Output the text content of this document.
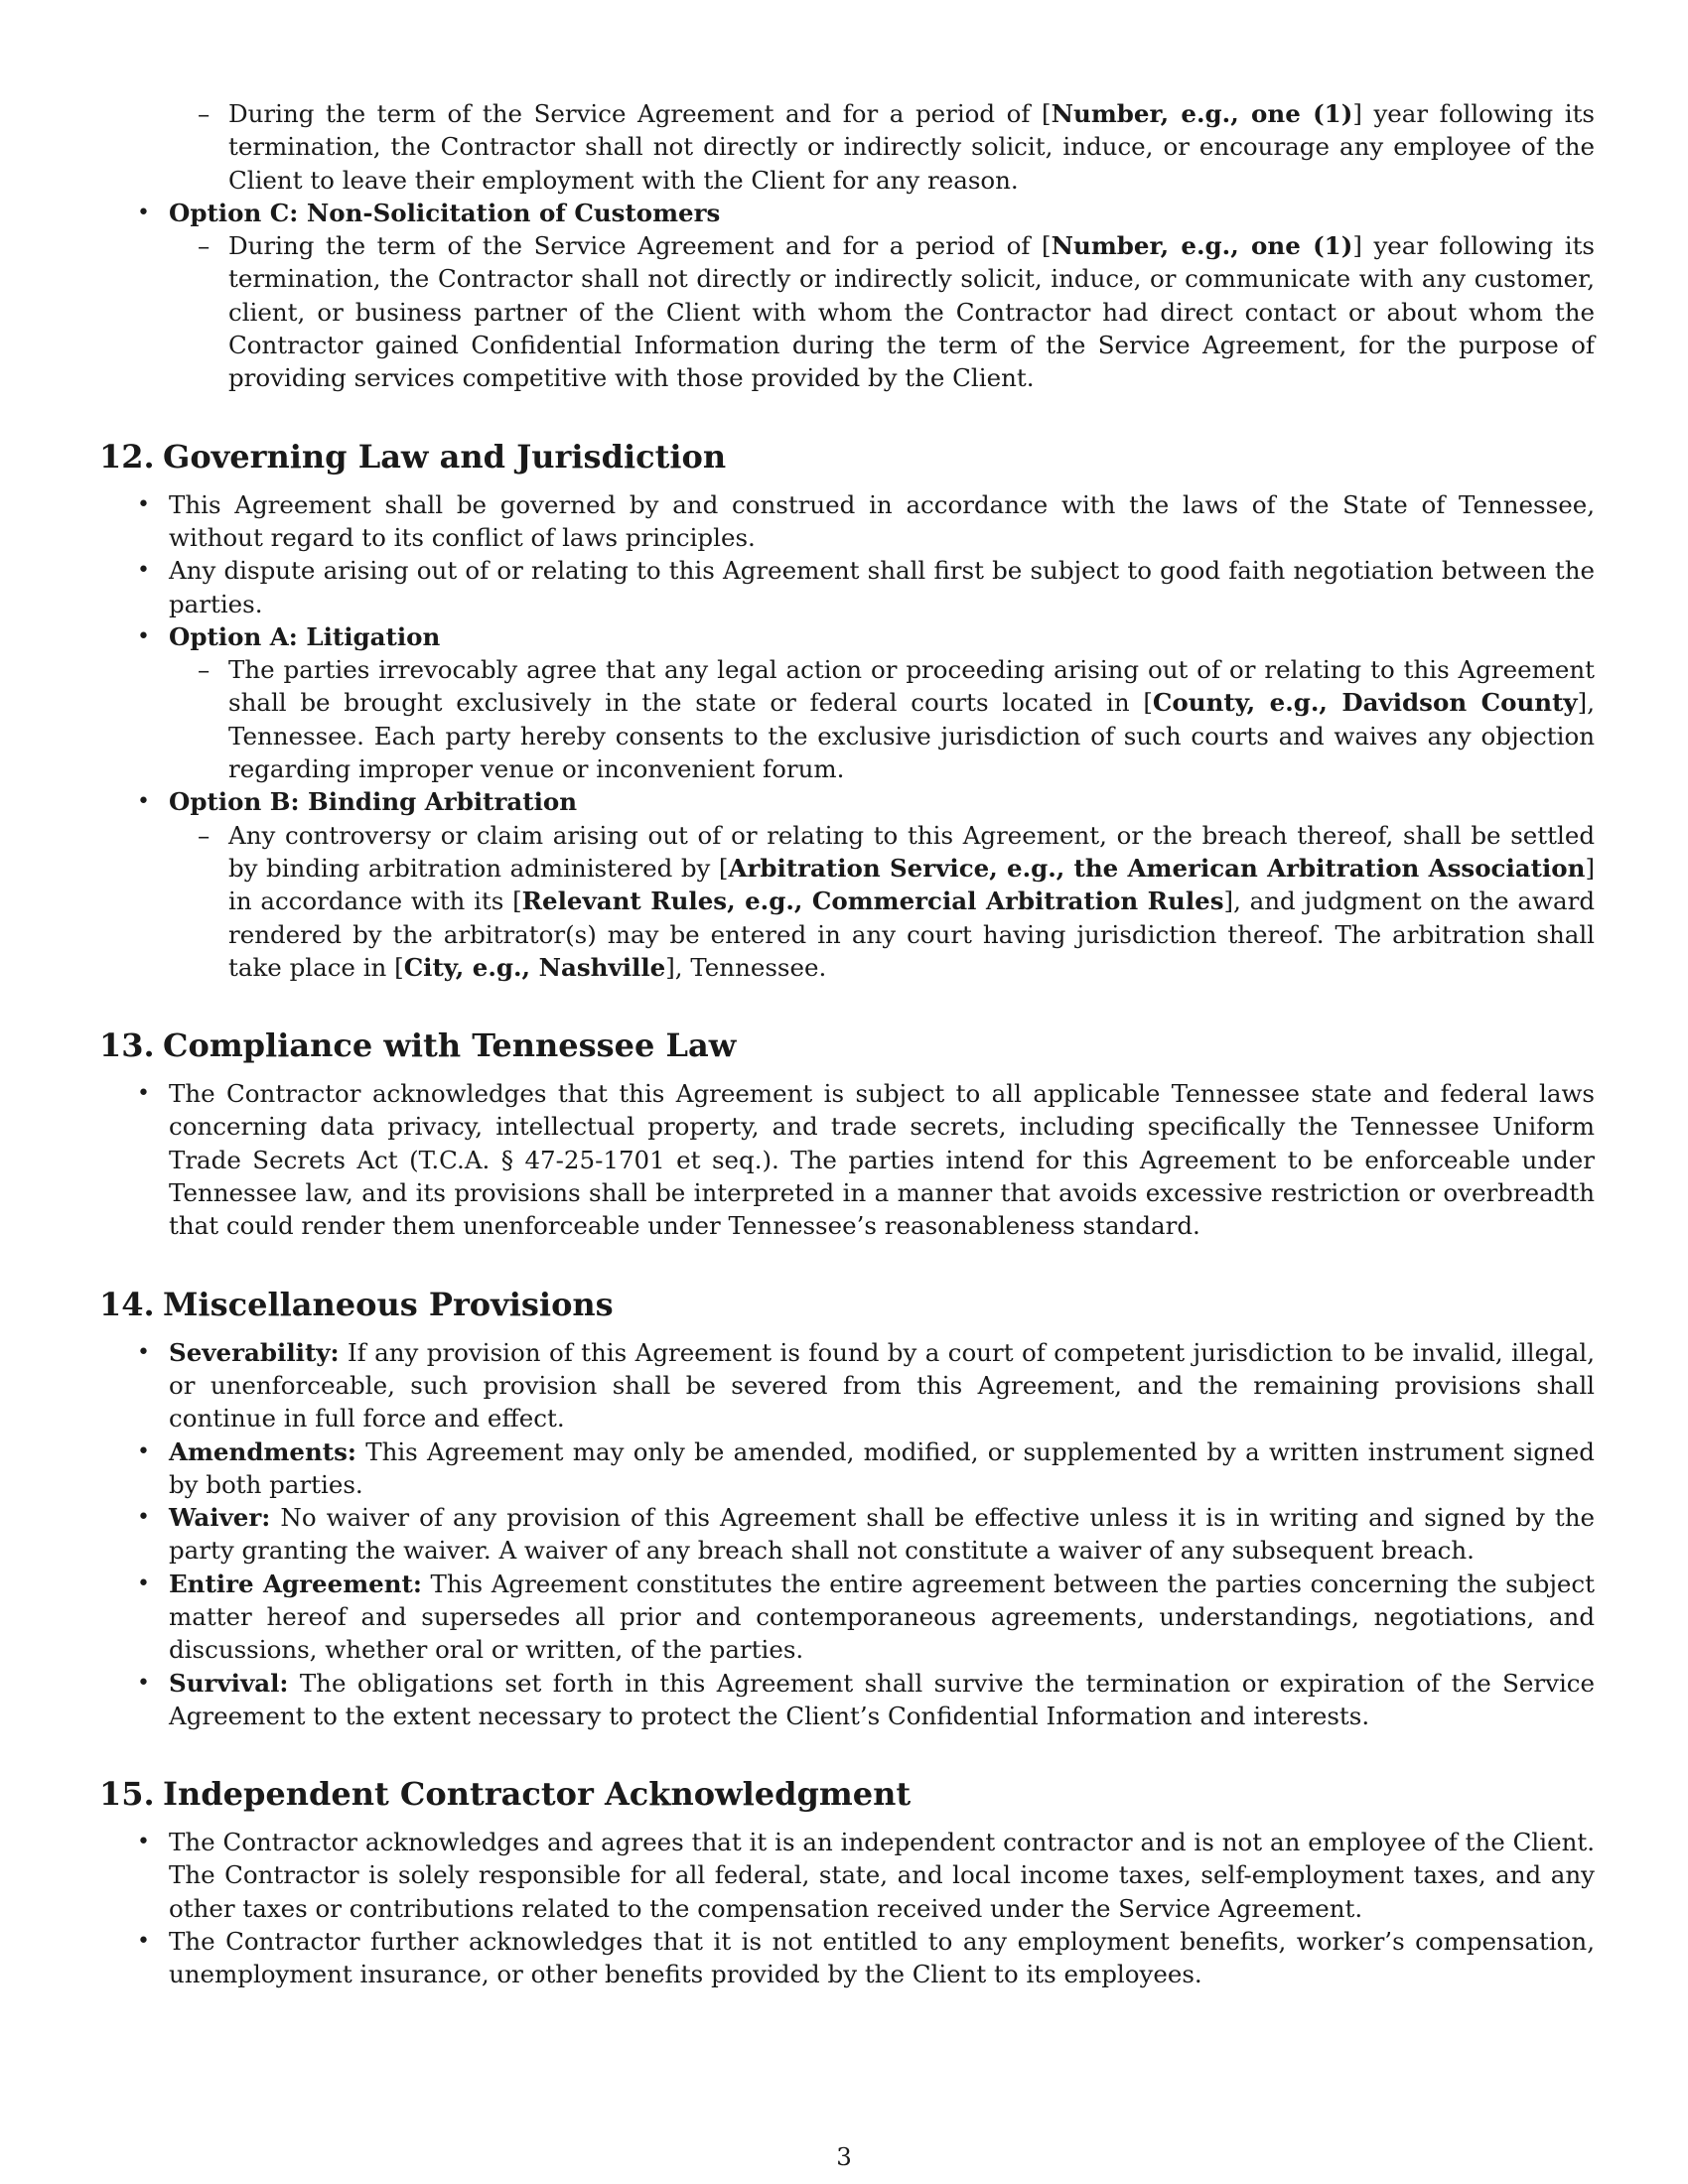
– During the term of the Service Agreement and for a period of [Number, e.g., one (1)] year following its termination, the Contractor shall not directly or indirectly solicit, induce, or encourage any employee of the Client to leave their employment with the Client for any reason.

• Option C: Non-Solicitation of Customers

– During the term of the Service Agreement and for a period of [Number, e.g., one (1)] year following its termination, the Contractor shall not directly or indirectly solicit, induce, or communicate with any customer, client, or business partner of the Client with whom the Contractor had direct contact or about whom the Contractor gained Confidential Information during the term of the Service Agreement, for the purpose of providing services competitive with those provided by the Client.

12. Governing Law and Jurisdiction

• This Agreement shall be governed by and construed in accordance with the laws of the State of Tennessee, without regard to its conflict of laws principles.

• Any dispute arising out of or relating to this Agreement shall first be subject to good faith negotiation between the parties.

• Option A: Litigation

– The parties irrevocably agree that any legal action or proceeding arising out of or relating to this Agreement shall be brought exclusively in the state or federal courts located in [County, e.g., Davidson County], Tennessee. Each party hereby consents to the exclusive jurisdiction of such courts and waives any objection regarding improper venue or inconvenient forum.

• Option B: Binding Arbitration

– Any controversy or claim arising out of or relating to this Agreement, or the breach thereof, shall be settled by binding arbitration administered by [Arbitration Service, e.g., the American Arbitration Association] in accordance with its [Relevant Rules, e.g., Commercial Arbitration Rules], and judgment on the award rendered by the arbitrator(s) may be entered in any court having jurisdiction thereof. The arbitration shall take place in [City, e.g., Nashville], Tennessee.

13. Compliance with Tennessee Law

• The Contractor acknowledges that this Agreement is subject to all applicable Tennessee state and federal laws concerning data privacy, intellectual property, and trade secrets, including specifically the Tennessee Uniform Trade Secrets Act (T.C.A. § 47-25-1701 et seq.). The parties intend for this Agreement to be enforceable under Tennessee law, and its provisions shall be interpreted in a manner that avoids excessive restriction or overbreadth that could render them unenforceable under Tennessee’s reasonableness standard.

14. Miscellaneous Provisions

• Severability: If any provision of this Agreement is found by a court of competent jurisdiction to be invalid, illegal, or unenforceable, such provision shall be severed from this Agreement, and the remaining provisions shall continue in full force and effect.

• Amendments: This Agreement may only be amended, modified, or supplemented by a written instrument signed by both parties.

• Waiver: No waiver of any provision of this Agreement shall be effective unless it is in writing and signed by the party granting the waiver. A waiver of any breach shall not constitute a waiver of any subsequent breach.

• Entire Agreement: This Agreement constitutes the entire agreement between the parties concerning the subject matter hereof and supersedes all prior and contemporaneous agreements, understandings, negotiations, and discussions, whether oral or written, of the parties.

• Survival: The obligations set forth in this Agreement shall survive the termination or expiration of the Service Agreement to the extent necessary to protect the Client’s Confidential Information and interests.

15. Independent Contractor Acknowledgment

• The Contractor acknowledges and agrees that it is an independent contractor and is not an employee of the Client. The Contractor is solely responsible for all federal, state, and local income taxes, self-employment taxes, and any other taxes or contributions related to the compensation received under the Service Agreement.

• The Contractor further acknowledges that it is not entitled to any employment benefits, worker’s compensation, unemployment insurance, or other benefits provided by the Client to its employees.

3
